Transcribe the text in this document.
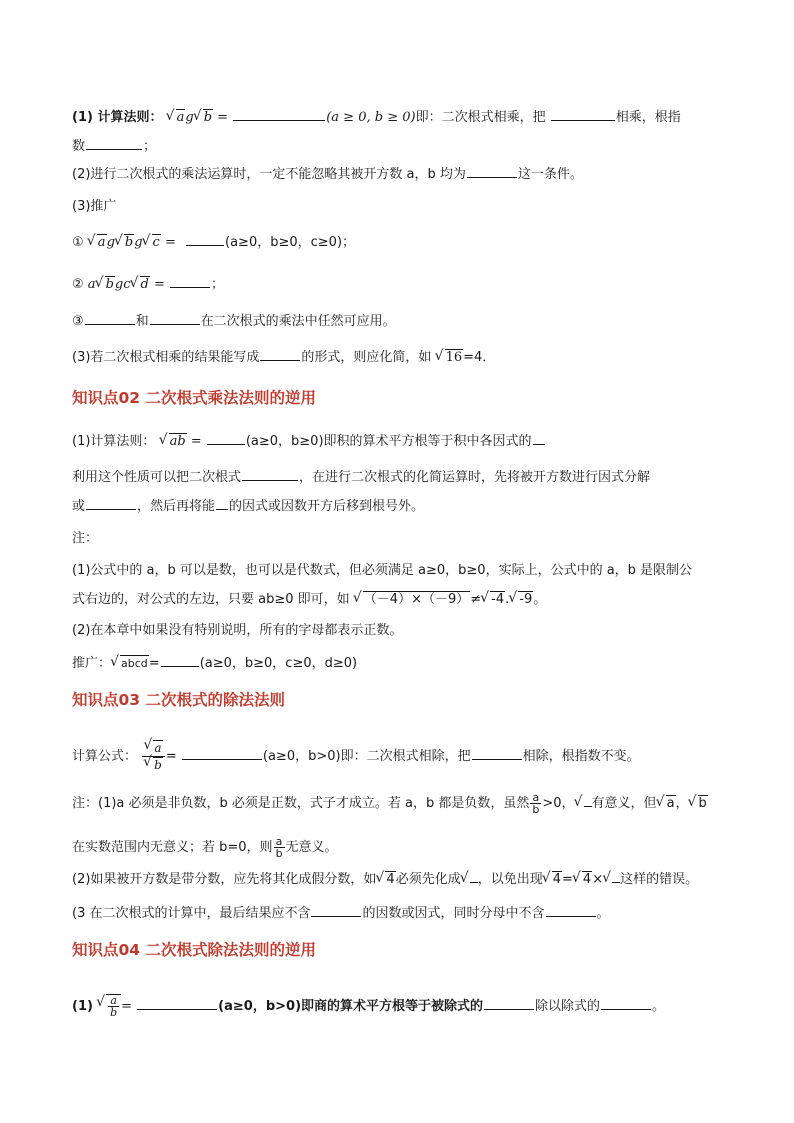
(1) 计算法则： √ ag √ b =	(a ≥ 0, b ≥ 0)即：二次根式相乘，把	相乘，根指
数	；
(2)进行二次根式的乘法运算时，一定不能忽略其被开方数 a，b 均为	这一条件。
(3)推广
① √ ag √ bg √ c =	(a≥0，b≥0，c≥0)；
② a √ bgc √ d =	；
③	和	在二次根式的乘法中任然可应用。
(3)若二次根式相乘的结果能写成	的形式，则应化简，如 √ 16=4．
知识点02 二次根式乘法法则的逆用
(1)计算法则： √ ab =	(a≥0，b≥0)即积的算术平方根等于积中各因式的
利用这个性质可以把二次根式	，在进行二次根式的化简运算时，先将被开方数进行因式分解
或	，然后再将能 的因式或因数开方后移到根号外。
注：
(1)公式中的 a，b 可以是数，也可以是代数式，但必须满足 a≥0，b≥0，实际上，公式中的 a，b 是限制公
式右边的，对公式的左边，只要 ab≥0 即可，如 √ （－4）×（－9）≠ √ -4. √ -9。
(2)在本章中如果没有特别说明，所有的字母都表示正数。
推广： √ abcd=	(a≥0，b≥0，c≥0，d≥0)
知识点03 二次根式的除法法则
计算公式： √ a
√ b =	(a≥0，b>0)即：二次根式相除，把	相除，根指数不变。
注：(1)a 必须是非负数，b 必须是正数，式子才成立。若 a，b 都是负数，虽然 $\frac{a}{b} >0$， √ 有意义，但 √ a， √ b
在实数范围内无意义；若 b=0，则 $\frac{a}{b}$ 无意义。
(2)如果被开方数是带分数，应先将其化成假分数，如 √ 4必须先化成 √ ，以免出现 √ 4= √ 4× √ 这样的错误。
(3 在二次根式的计算中，最后结果应不含	的因数或因式，同时分母中不含	。
知识点04 二次根式除法法则的逆用
(1) √ $\frac{a}{b}$ =	(a≥0，b>0)即商的算术平方根等于被除式的	除以除式的	。
